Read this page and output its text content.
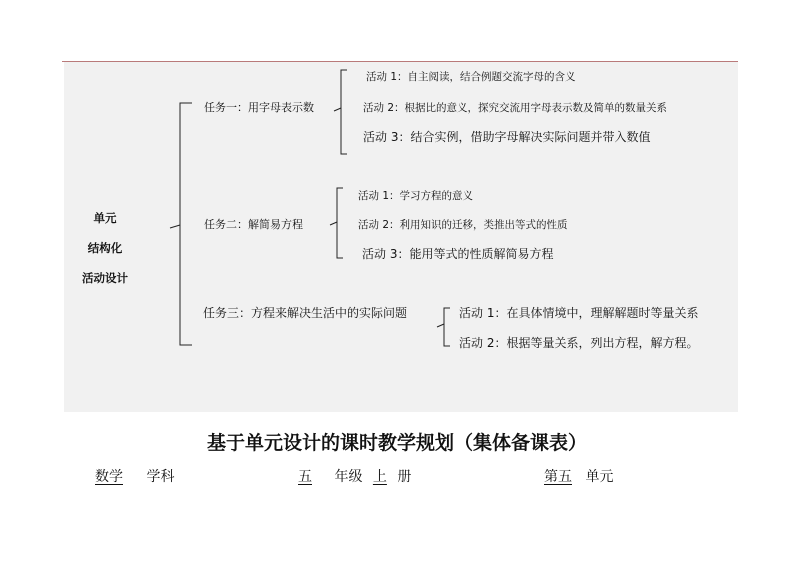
单元
结构化
活动设计
任务一：用字母表示数
活动 1：自主阅读，结合例题交流字母的含义
活动 2：根据比的意义，探究交流用字母表示数及简单的数量关系
活动 3：结合实例，借助字母解决实际问题并带入数值
任务二：解简易方程
活动 1：学习方程的意义
活动 2：利用知识的迁移，类推出等式的性质
活动 3：能用等式的性质解简易方程
任务三：方程来解决生活中的实际问题	活动 1：在具体情境中，理解解题时等量关系
活动 2：根据等量关系，列出方程，解方程。
基于单元设计的课时教学规划（集体备课表）
数学 学科	五 年级 上 册	第五 单元
